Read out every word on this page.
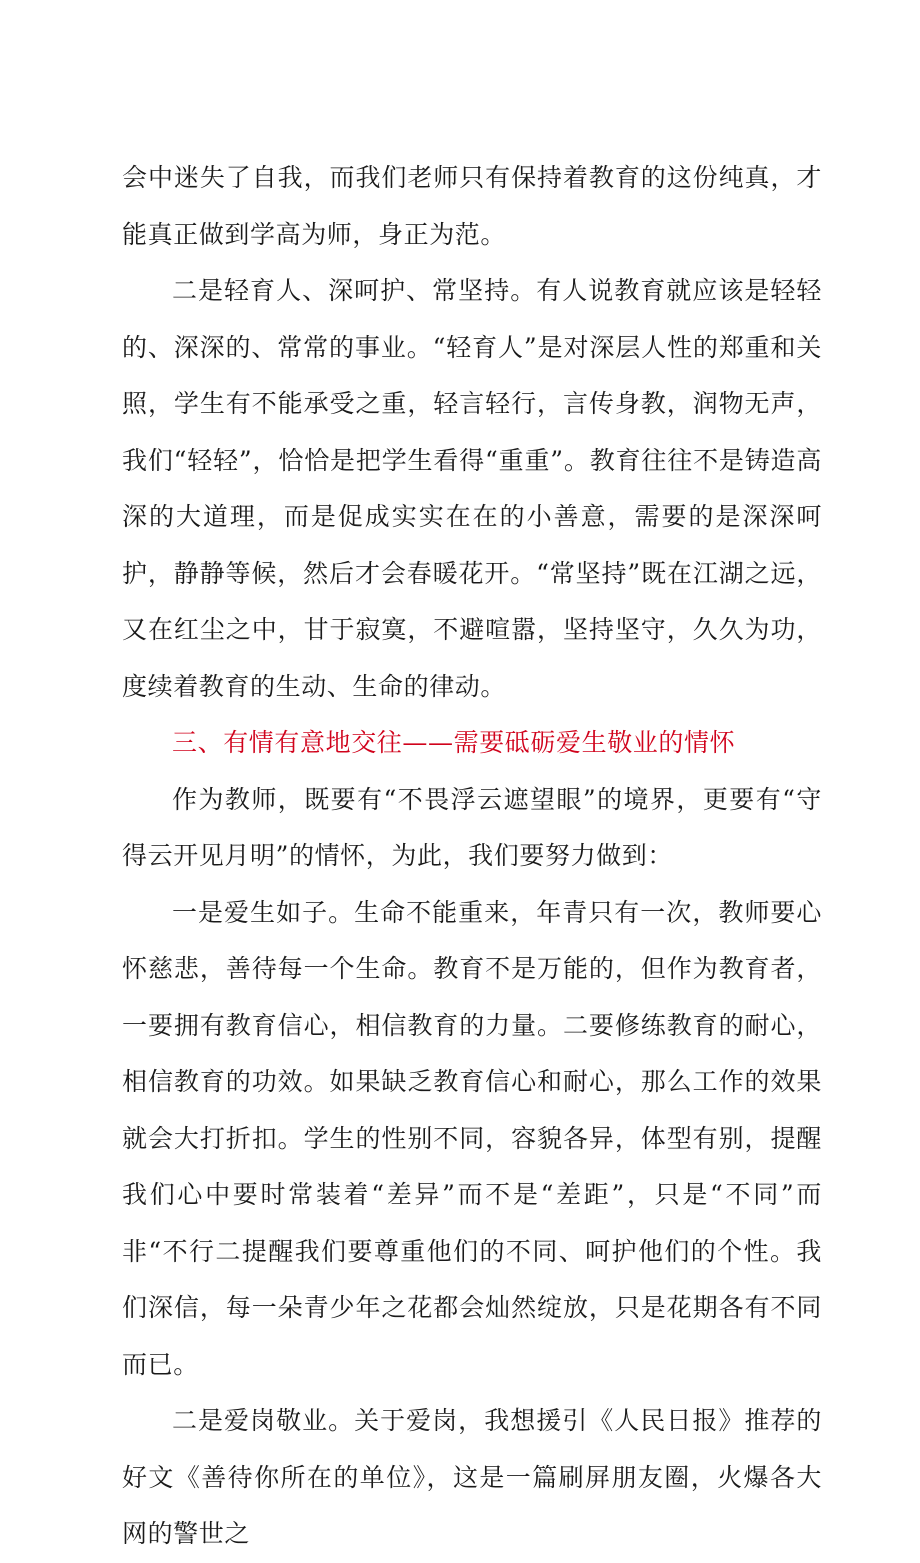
会中迷失了自我，而我们老师只有保持着教育的这份纯真，才能真正做到学高为师，身正为范。

二是轻育人、深呵护、常坚持。有人说教育就应该是轻轻的、深深的、常常的事业。“轻育人”是对深层人性的郑重和关照，学生有不能承受之重，轻言轻行，言传身教，润物无声，我们“轻轻”，恰恰是把学生看得“重重”。教育往往不是铸造高深的大道理，而是促成实实在在的小善意，需要的是深深呵护，静静等候，然后才会春暖花开。“常坚持”既在江湖之远，又在红尘之中，甘于寂寞，不避喧嚣，坚持坚守，久久为功，度续着教育的生动、生命的律动。

三、有情有意地交往——需要砥砺爱生敬业的情怀

作为教师，既要有“不畏浮云遮望眼”的境界，更要有“守得云开见月明”的情怀，为此，我们要努力做到：

一是爱生如子。生命不能重来，年青只有一次，教师要心怀慈悲，善待每一个生命。教育不是万能的，但作为教育者，一要拥有教育信心，相信教育的力量。二要修练教育的耐心，相信教育的功效。如果缺乏教育信心和耐心，那么工作的效果就会大打折扣。学生的性别不同，容貌各异，体型有别，提醒我们心中要时常装着“差异”而不是“差距”，只是“不同”而非“不行二提醒我们要尊重他们的不同、呵护他们的个性。我们深信，每一朵青少年之花都会灿然绽放，只是花期各有不同而已。

二是爱岗敬业。关于爱岗，我想援引《人民日报》推荐的好文《善待你所在的单位》，这是一篇刷屏朋友圈，火爆各大网的警世之
